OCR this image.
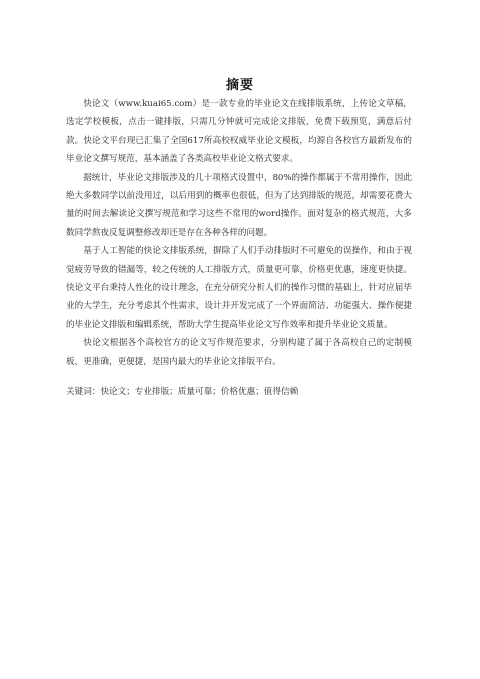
摘要

快论文（www.kuai65.com）是一款专业的毕业论文在线排版系统，上传论文草稿，选定学校模板，点击一键排版，只需几分钟就可完成论文排版，免费下载预览，满意后付款。快论文平台现已汇集了全国617所高校权威毕业论文模板，均源自各校官方最新发布的毕业论文撰写规范，基本涵盖了各类高校毕业论文格式要求。

据统计，毕业论文排版涉及的几十项格式设置中，80%的操作都属于不常用操作，因此绝大多数同学以前没用过，以后用到的概率也很低，但为了达到排版的规范，却需要花费大量的时间去解读论文撰写规范和学习这些不常用的word操作。面对复杂的格式规范，大多数同学熬夜反复调整修改却还是存在各种各样的问题。

基于人工智能的快论文排版系统，摒除了人们手动排版时不可避免的误操作，和由于视觉疲劳导致的错漏等，较之传统的人工排版方式，质量更可靠，价格更优惠，速度更快捷。快论文平台秉持人性化的设计理念，在充分研究分析人们的操作习惯的基础上，针对应届毕业的大学生，充分考虑其个性需求，设计并开发完成了一个界面简洁、功能强大、操作便捷的毕业论文排版和编辑系统，帮助大学生提高毕业论文写作效率和提升毕业论文质量。

快论文根据各个高校官方的论文写作规范要求，分别构建了属于各高校自己的定制模板，更准确，更便捷，是国内最大的毕业论文排版平台。

关键词：快论文；专业排版；质量可靠；价格优惠；值得信赖
